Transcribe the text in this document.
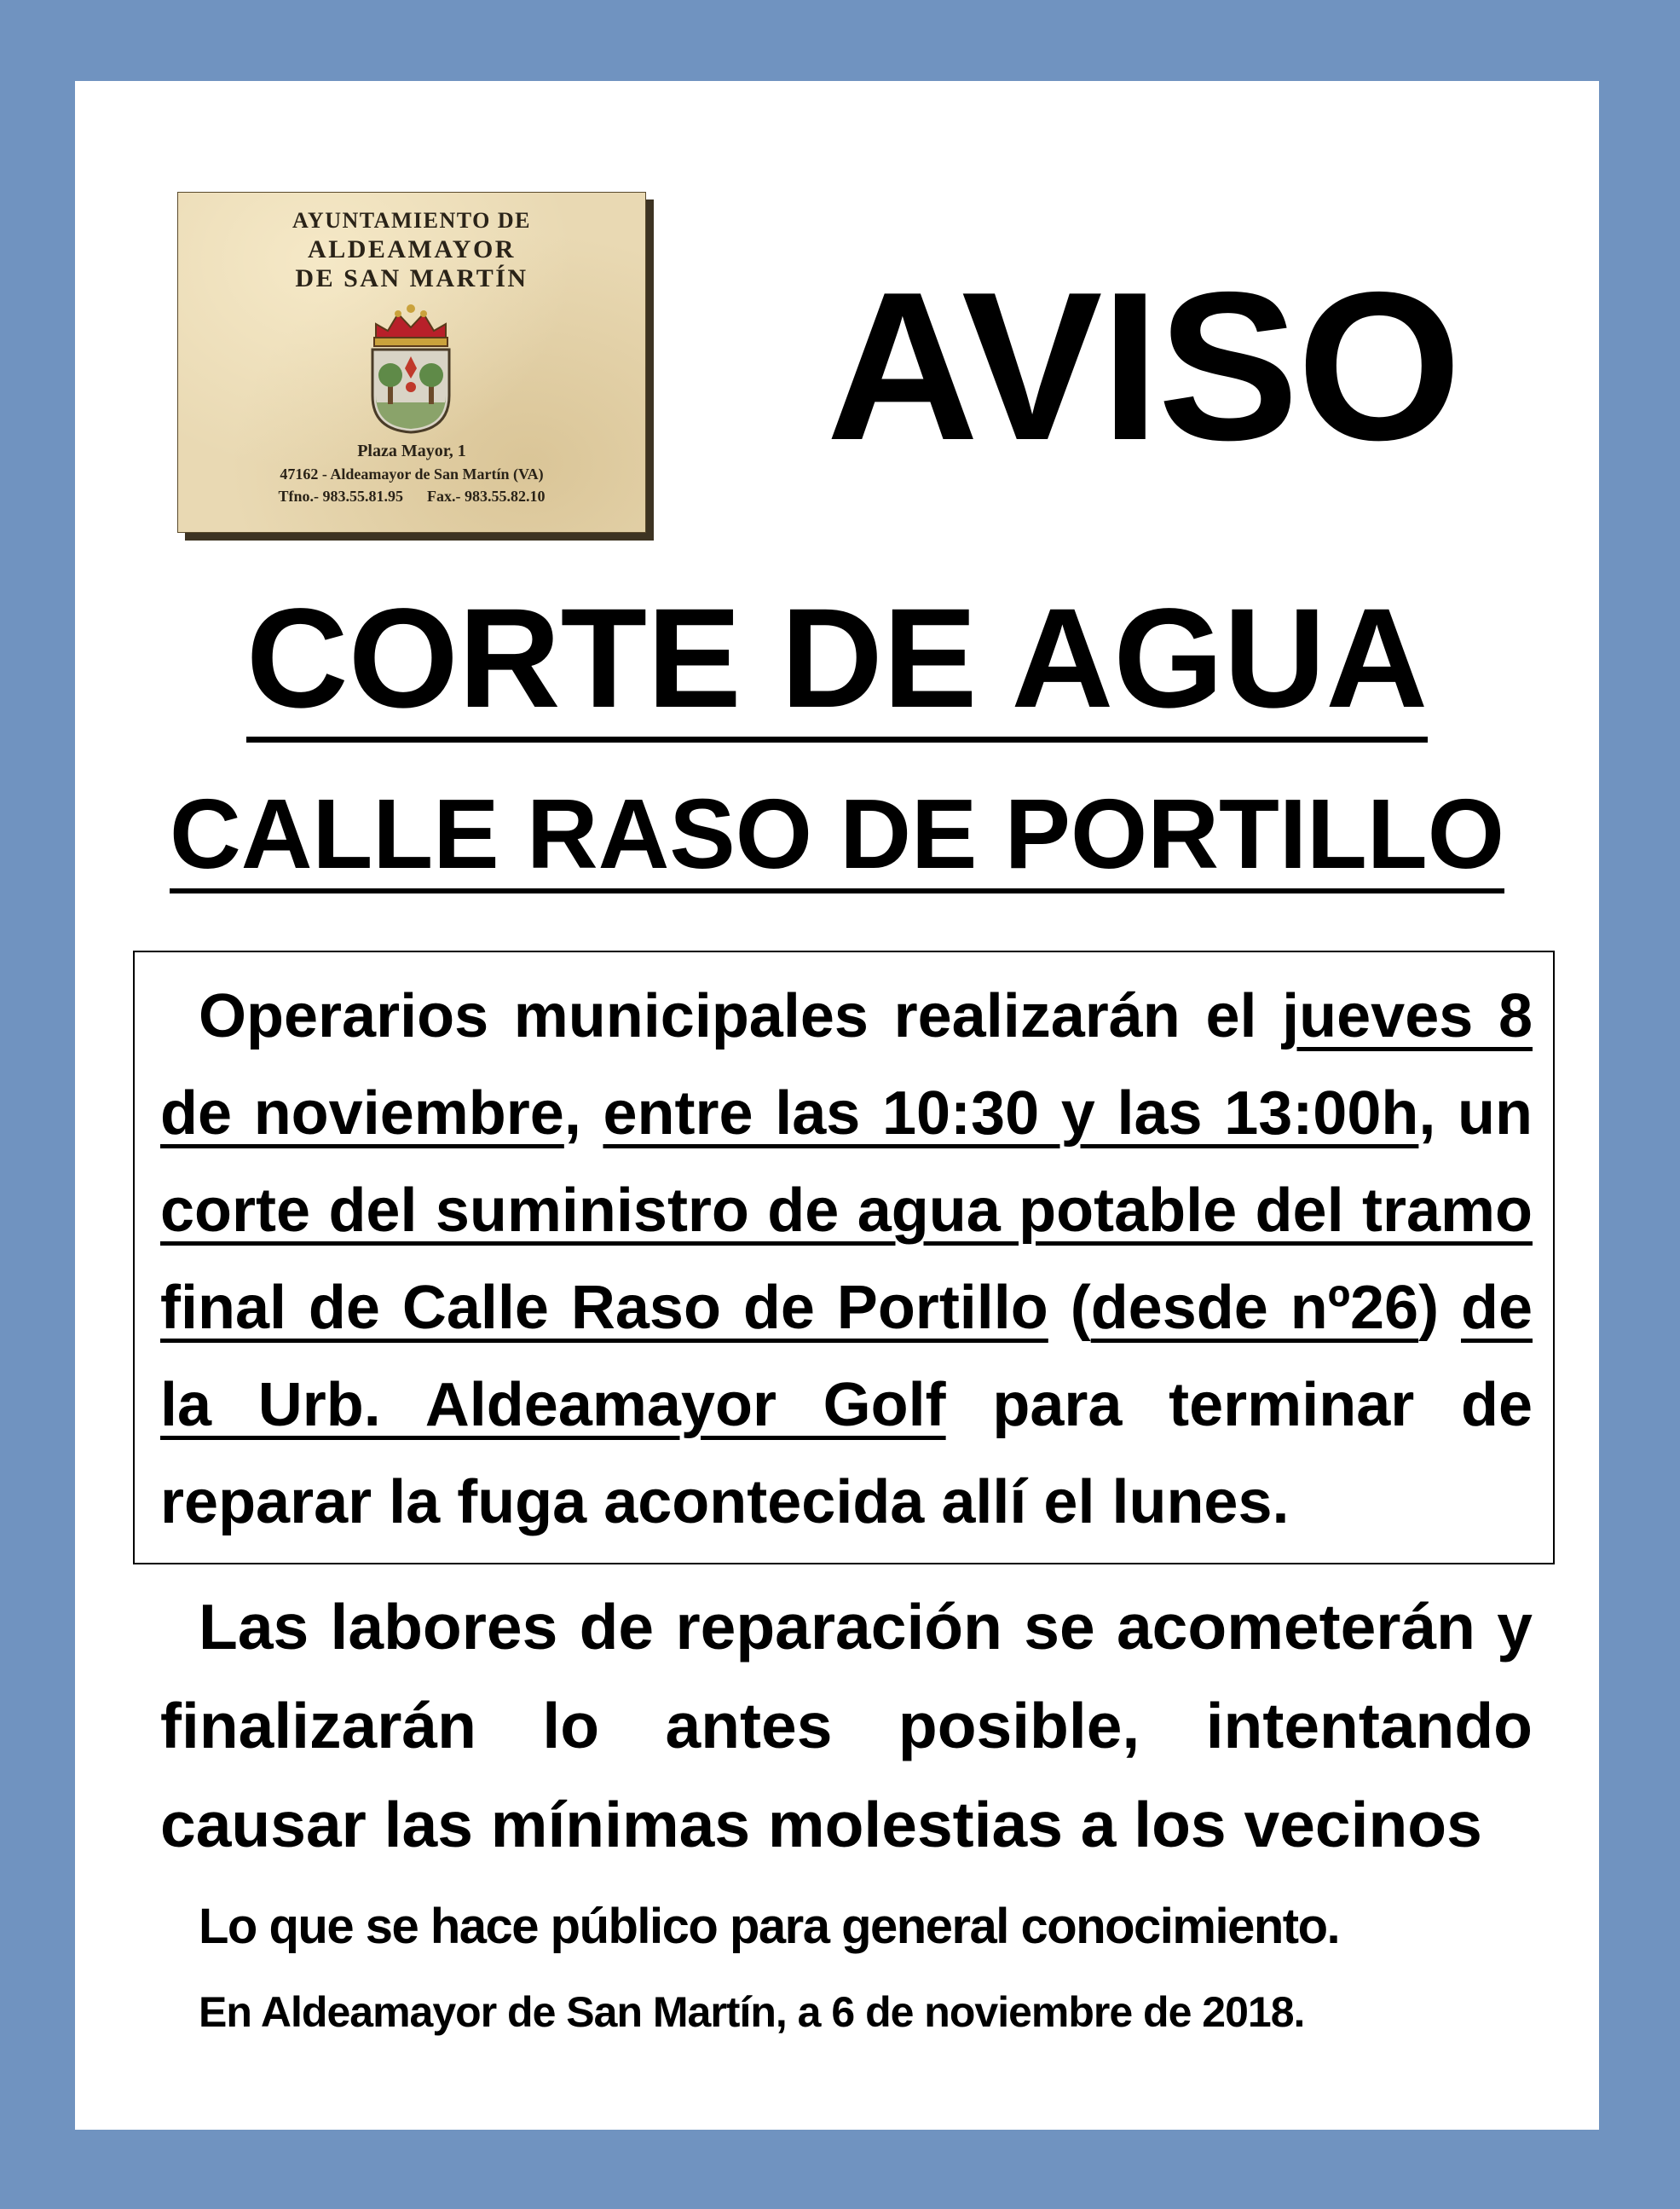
AYUNTAMIENTO DE
ALDEAMAYOR
DE SAN MARTÍN
Plaza Mayor, 1
47162 - Aldeamayor de San Martín (VA)
Tfno.- 983.55.81.95 Fax.- 983.55.82.10
AVISO
CORTE DE AGUA
CALLE RASO DE PORTILLO
Operarios municipales realizarán el jueves 8 de noviembre, entre las 10:30 y las 13:00h, un corte del suministro de agua potable del tramo final de Calle Raso de Portillo (desde nº26) de la Urb. Aldeamayor Golf para terminar de reparar la fuga acontecida allí el lunes.
Las labores de reparación se acometerán y finalizarán lo antes posible, intentando causar las mínimas molestias a los vecinos
Lo que se hace público para general conocimiento.
En Aldeamayor de San Martín, a 6 de noviembre de 2018.
